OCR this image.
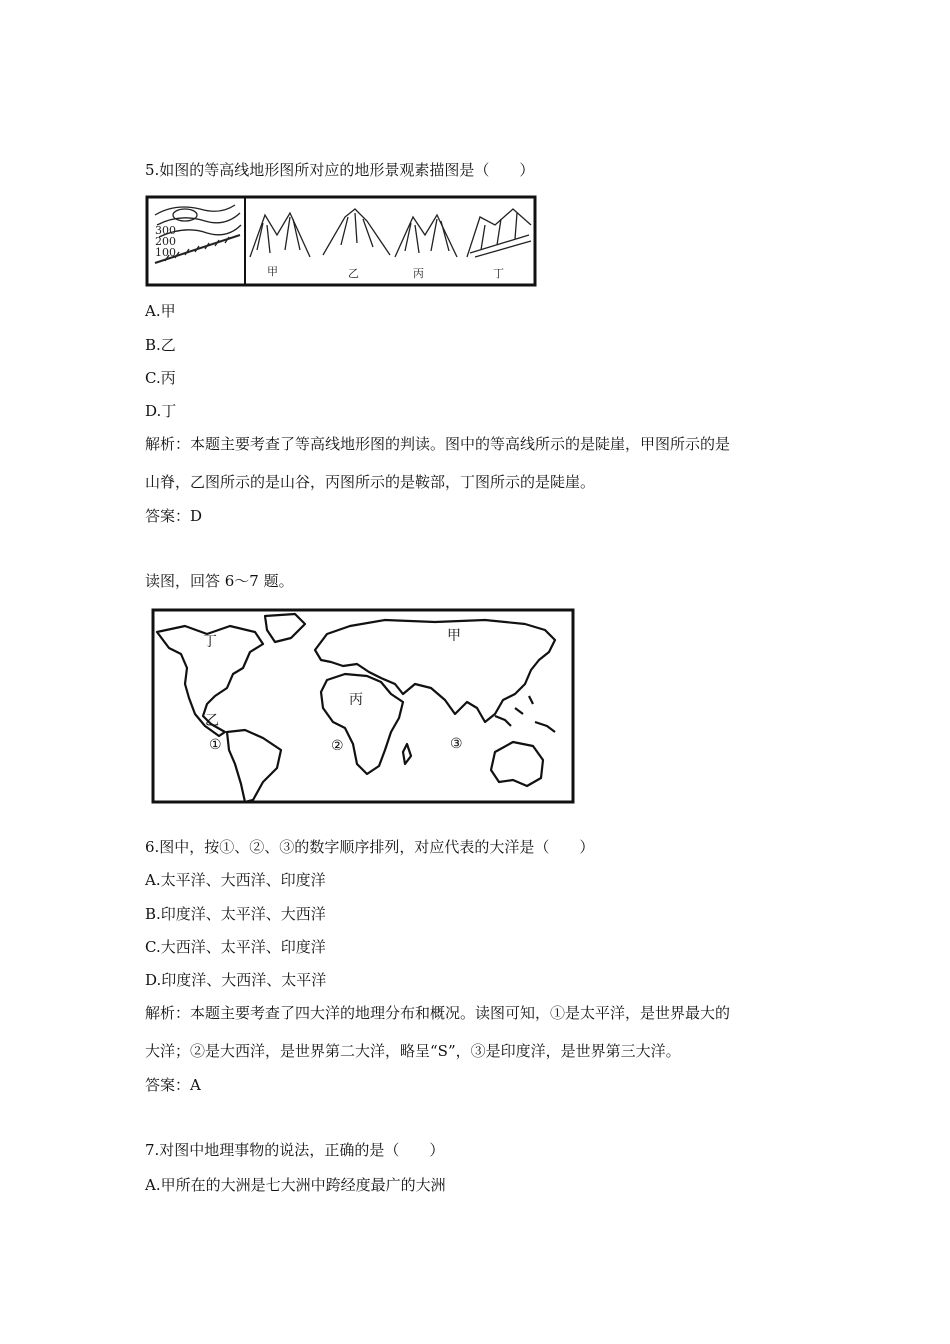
5.如图的等高线地形图所对应的地形景观素描图是（　　）
300
200
100
甲	乙	丙	丁
A.甲
B.乙
C.丙
D.丁
解析：本题主要考查了等高线地形图的判读。图中的等高线所示的是陡崖，甲图所示的是
山脊，乙图所示的是山谷，丙图所示的是鞍部，丁图所示的是陡崖。
答案：D
读图，回答 6～7 题。
丁	甲
丙
乙
①	②	③
6.图中，按①、②、③的数字顺序排列，对应代表的大洋是（　　）
A.太平洋、大西洋、印度洋
B.印度洋、太平洋、大西洋
C.大西洋、太平洋、印度洋
D.印度洋、大西洋、太平洋
解析：本题主要考查了四大洋的地理分布和概况。读图可知，①是太平洋，是世界最大的
大洋；②是大西洋，是世界第二大洋，略呈“S”，③是印度洋，是世界第三大洋。
答案：A
7.对图中地理事物的说法，正确的是（　　）
A.甲所在的大洲是七大洲中跨经度最广的大洲
